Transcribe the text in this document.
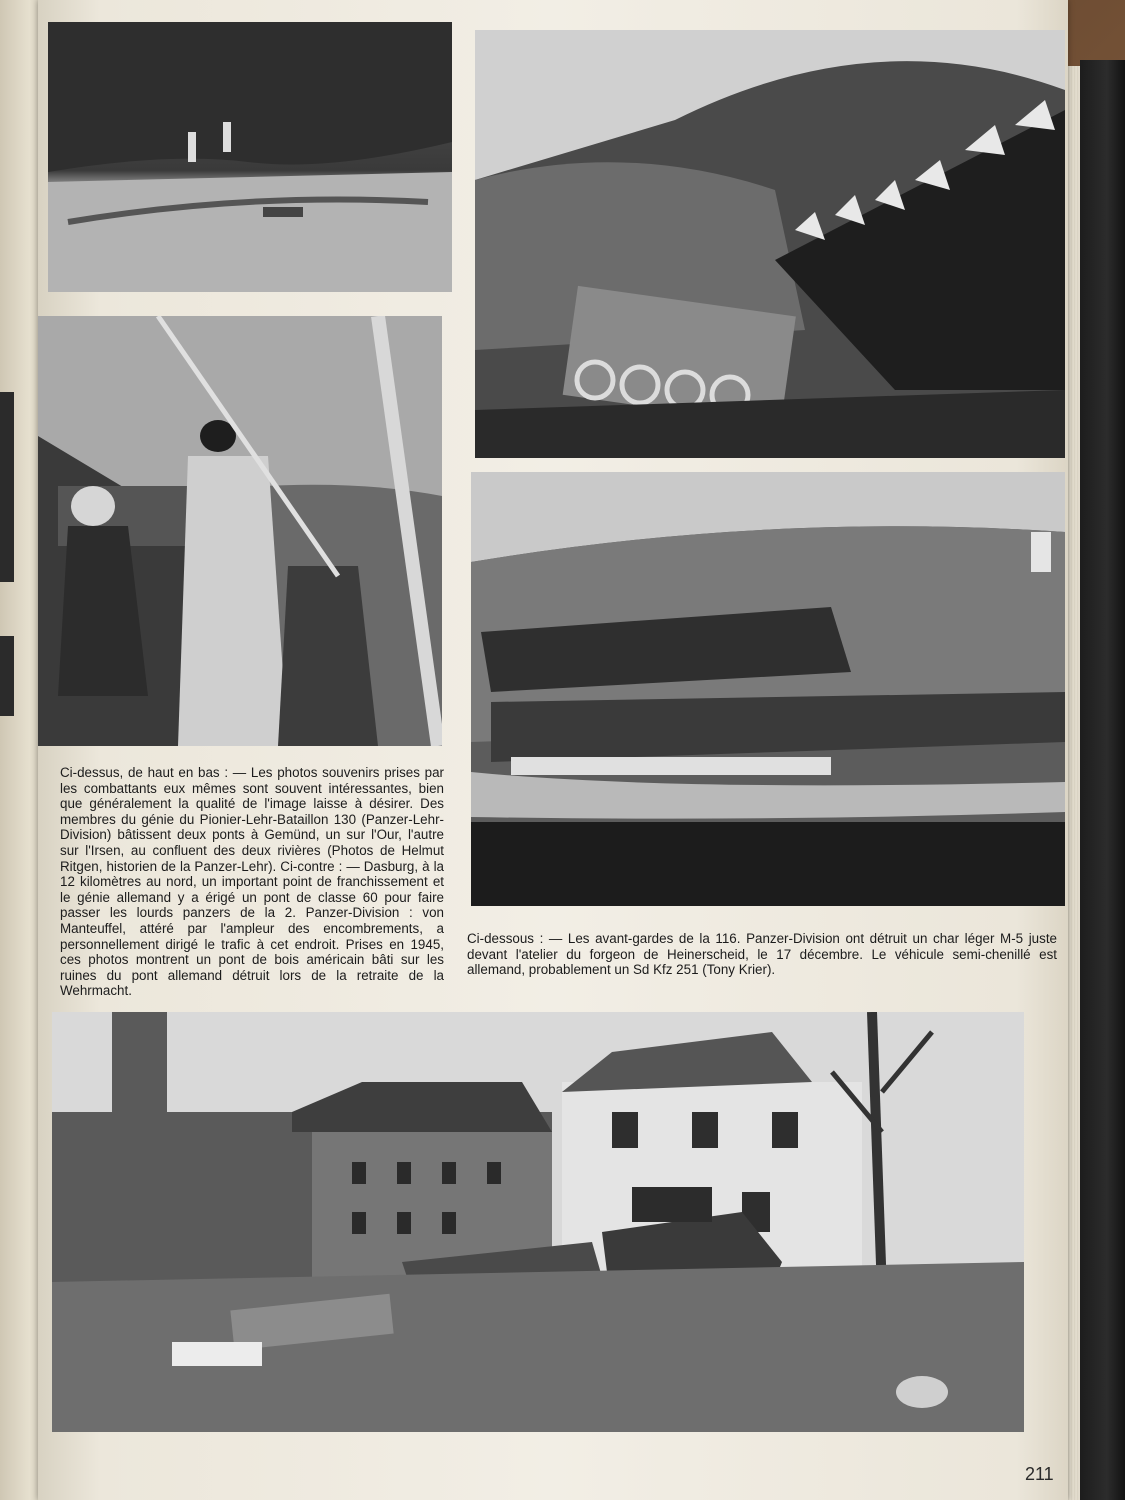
Ci-dessus, de haut en bas : — Les photos souvenirs prises par les combattants eux mêmes sont souvent intéressantes, bien que généralement la qualité de l'image laisse à désirer. Des membres du génie du Pionier-Lehr-Bataillon 130 (Panzer-Lehr-Division) bâtissent deux ponts à Gemünd, un sur l'Our, l'autre sur l'Irsen, au confluent des deux rivières (Photos de Helmut Ritgen, historien de la Panzer-Lehr). Ci-contre : — Dasburg, à la 12 kilomètres au nord, un important point de franchissement et le génie allemand y a érigé un pont de classe 60 pour faire passer les lourds panzers de la 2. Panzer-Division : von Manteuffel, attéré par l'ampleur des encombrements, a personnellement dirigé le trafic à cet endroit. Prises en 1945, ces photos montrent un pont de bois américain bâti sur les ruines du pont allemand détruit lors de la retraite de la Wehrmacht.
Ci-dessous : — Les avant-gardes de la 116. Panzer-Division ont détruit un char léger M-5 juste devant l'atelier du forgeon de Heinerscheid, le 17 décembre. Le véhicule semi-chenillé est allemand, probablement un Sd Kfz 251 (Tony Krier).
211
